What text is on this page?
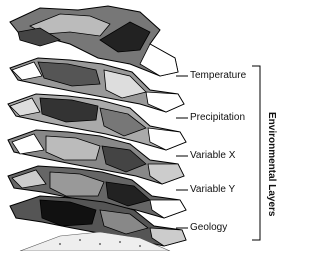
Temperature
Precipitation
Variable X
Variable Y
Geology
Environmental Layers
